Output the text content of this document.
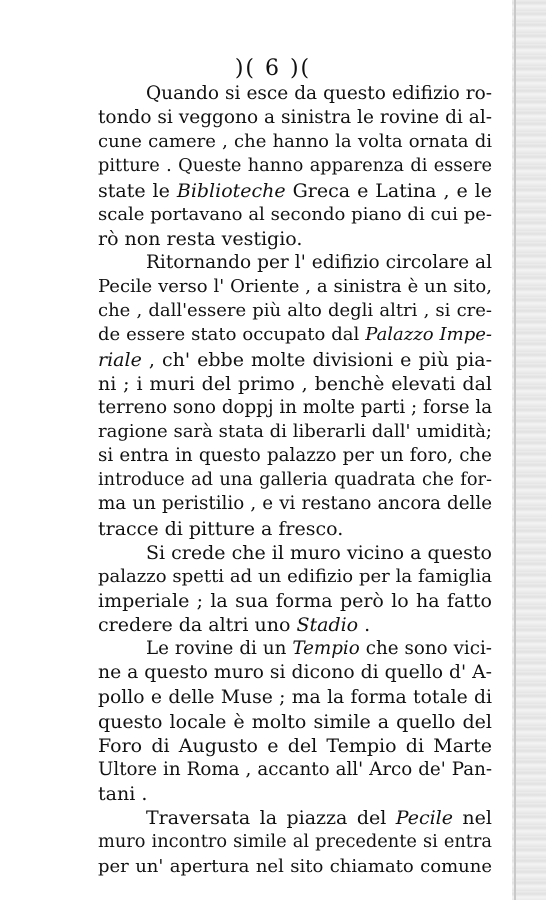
)( 6 )(
Quando si esce da questo edifizio ro-
tondo si veggono a sinistra le rovine di al-
cune camere , che hanno la volta ornata di
pitture . Queste hanno apparenza di essere
state le Biblioteche Greca e Latina , e le
scale portavano al secondo piano di cui pe-
rò non resta vestigio.
Ritornando per l' edifizio circolare al
Pecile verso l' Oriente , a sinistra è un sito,
che , dall'essere più alto degli altri , si cre-
de essere stato occupato dal Palazzo Impe-
riale , ch' ebbe molte divisioni e più pia-
ni ; i muri del primo , benchè elevati dal
terreno sono doppj in molte parti ; forse la
ragione sarà stata di liberarli dall' umidità;
si entra in questo palazzo per un foro, che
introduce ad una galleria quadrata che for-
ma un peristilio , e vi restano ancora delle
tracce di pitture a fresco.
Si crede che il muro vicino a questo
palazzo spetti ad un edifizio per la famiglia
imperiale ; la sua forma però lo ha fatto
credere da altri uno Stadio .
Le rovine di un Tempio che sono vici-
ne a questo muro si dicono di quello d' A-
pollo e delle Muse ; ma la forma totale di
questo locale è molto simile a quello del
Foro di Augusto e del Tempio di Marte
Ultore in Roma , accanto all' Arco de' Pan-
tani .
Traversata la piazza del Pecile nel
muro incontro simile al precedente si entra
per un' apertura nel sito chiamato comune
